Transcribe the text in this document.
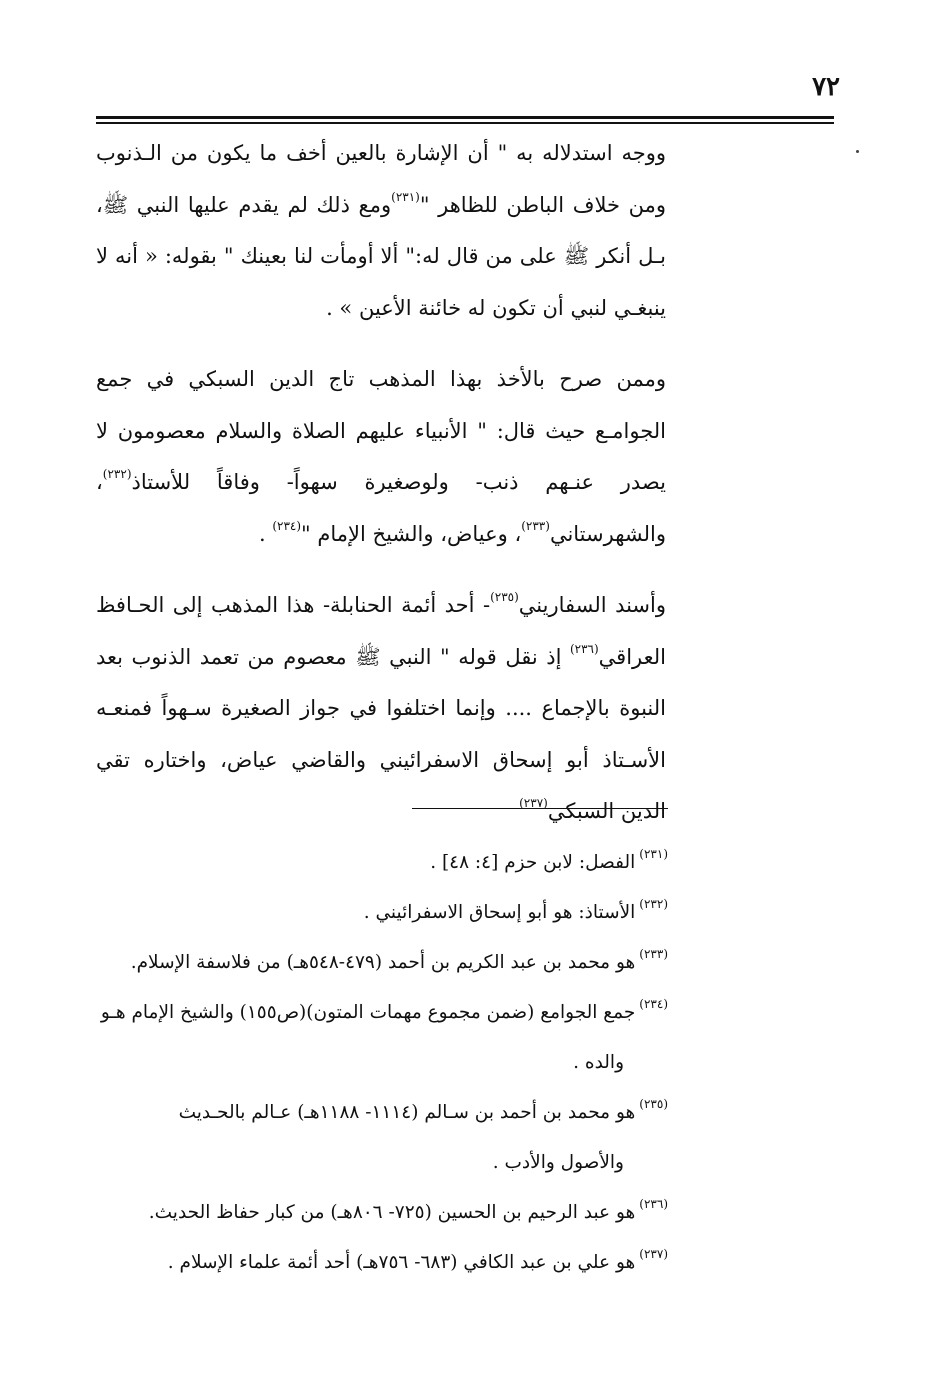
٧٢

ووجه استدلاله به " أن الإشارة بالعين أخف ما يكون من الـذنوب ومن خلاف الباطن للظاهر "$^{(٢٣١)}$ومع ذلك لم يقدم عليها النبي ﷺ، بـل أنكر ﷺ على من قال له:" ألا أومأت لنا بعينك " بقوله: « أنه لا ينبغـي لنبي أن تكون له خائنة الأعين » .

وممن صرح بالأخذ بهذا المذهب تاج الدين السبكي في جمع الجوامـع حيث قال: " الأنبياء عليهم الصلاة والسلام معصومون لا يصدر عنـهم ذنب- ولوصغيرة سهواً- وفاقاً للأستاذ$^{(٢٣٢)}$، والشهرستاني$^{(٢٣٣)}$، وعياض، والشيخ الإمام "$^{(٢٣٤)}$ .

وأسند السفاريني$^{(٢٣٥)}$- أحد أئمة الحنابلة- هذا المذهب إلى الحـافظ العراقي$^{(٢٣٦)}$ إذ نقل قوله " النبي ﷺ معصوم من تعمد الذنوب بعد النبوة بالإجماع .... وإنما اختلفوا في جواز الصغيرة سـهواً فمنعـه الأسـتاذ أبو إسحاق الاسفرائيني والقاضي عياض، واختاره تقي الدين السبكي$^{(٢٣٧)}$

$^{(٢٣١)}$الفصل: لابن حزم [٤: ٤٨] .

$^{(٢٣٢)}$الأستاذ: هو أبو إسحاق الاسفرائيني .

$^{(٢٣٣)}$هو محمد بن عبد الكريم بن أحمد (٤٧٩-٥٤٨هـ) من فلاسفة الإسلام.

$^{(٢٣٤)}$جمع الجوامع (ضمن مجموع مهمات المتون)(ص١٥٥) والشيخ الإمام هـو

والده .

$^{(٢٣٥)}$هو محمد بن أحمد بن سـالم (١١١٤- ١١٨٨هـ) عـالم بالحـديث

والأصول والأدب .

$^{(٢٣٦)}$هو عبد الرحيم بن الحسين (٧٢٥- ٨٠٦هـ) من كبار حفاظ الحديث.

$^{(٢٣٧)}$هو علي بن عبد الكافي (٦٨٣- ٧٥٦هـ) أحد أئمة علماء الإسلام .
